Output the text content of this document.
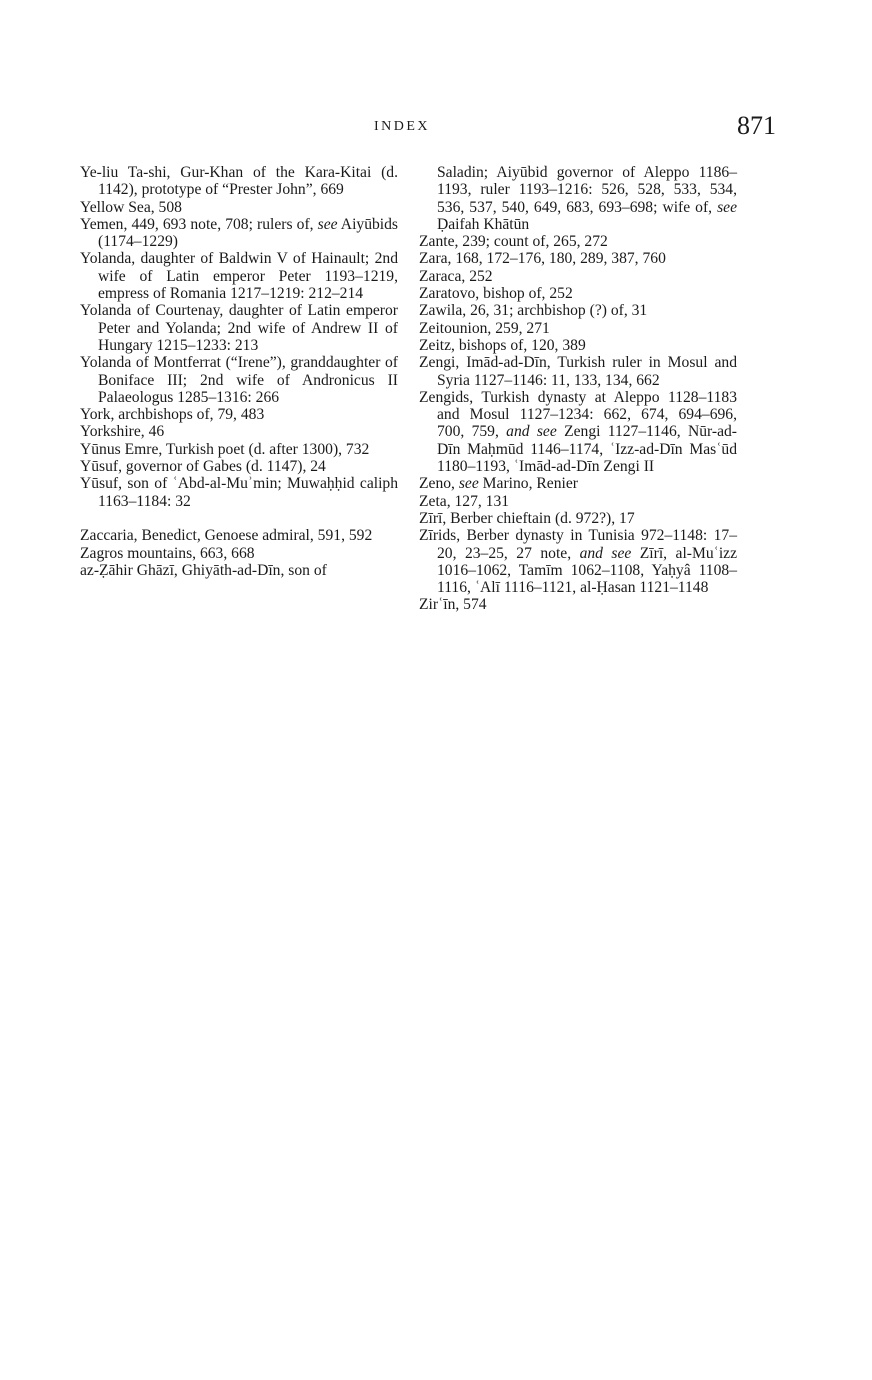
INDEX	871
Ye-liu Ta-shi, Gur-Khan of the Kara-Kitai (d. 1142), prototype of “Prester John”, 669
Yellow Sea, 508
Yemen, 449, 693 note, 708; rulers of, see Aiyūbids (1174–1229)
Yolanda, daughter of Baldwin V of Hainault; 2nd wife of Latin emperor Peter 1193–1219, empress of Romania 1217–1219: 212–214
Yolanda of Courtenay, daughter of Latin emperor Peter and Yolanda; 2nd wife of Andrew II of Hungary 1215–1233: 213
Yolanda of Montferrat (“Irene”), granddaughter of Boniface III; 2nd wife of Andronicus II Palaeologus 1285–1316: 266
York, archbishops of, 79, 483
Yorkshire, 46
Yūnus Emre, Turkish poet (d. after 1300), 732
Yūsuf, governor of Gabes (d. 1147), 24
Yūsuf, son of ʿAbd-al-Muʾmin; Muwaḥḥid caliph 1163–1184: 32
Zaccaria, Benedict, Genoese admiral, 591, 592
Zagros mountains, 663, 668
az-Ẓāhir Ghāzī, Ghiyāth-ad-Dīn, son of
Saladin; Aiyūbid governor of Aleppo 1186–1193, ruler 1193–1216: 526, 528, 533, 534, 536, 537, 540, 649, 683, 693–698; wife of, see Ḍaifah Khātūn
Zante, 239; count of, 265, 272
Zara, 168, 172–176, 180, 289, 387, 760
Zaraca, 252
Zaratovo, bishop of, 252
Zawila, 26, 31; archbishop (?) of, 31
Zeitounion, 259, 271
Zeitz, bishops of, 120, 389
Zengi, Imād-ad-Dīn, Turkish ruler in Mosul and Syria 1127–1146: 11, 133, 134, 662
Zengids, Turkish dynasty at Aleppo 1128–1183 and Mosul 1127–1234: 662, 674, 694–696, 700, 759, and see Zengi 1127–1146, Nūr-ad-Dīn Maḥmūd 1146–1174, ʿIzz-ad-Dīn Masʿūd 1180–1193, ʿImād-ad-Dīn Zengi II
Zeno, see Marino, Renier
Zeta, 127, 131
Zīrī, Berber chieftain (d. 972?), 17
Zīrids, Berber dynasty in Tunisia 972–1148: 17–20, 23–25, 27 note, and see Zīrī, al-Muʿizz 1016–1062, Tamīm 1062–1108, Yaḥyâ 1108–1116, ʿAlī 1116–1121, al-Ḥasan 1121–1148
Zirʿīn, 574
